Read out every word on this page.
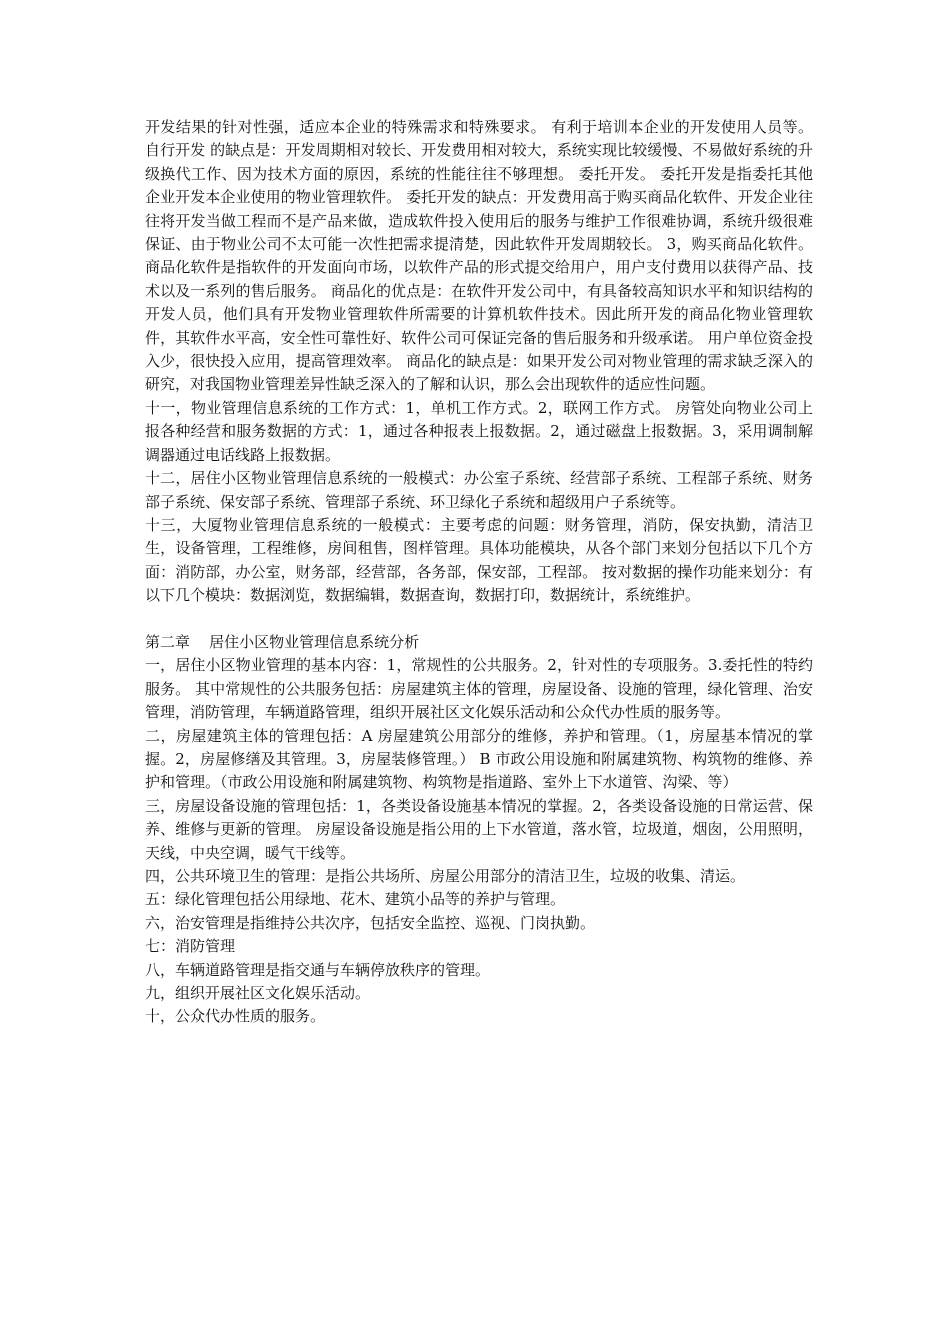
开发结果的针对性强，适应本企业的特殊需求和特殊要求。 有利于培训本企业的开发使用人员等。 自行开发 的缺点是：开发周期相对较长、开发费用相对较大，系统实现比较缓慢、不易做好系统的升级换代工作、因为技术方面的原因，系统的性能往往不够理想。 委托开发。 委托开发是指委托其他企业开发本企业使用的物业管理软件。 委托开发的缺点：开发费用高于购买商品化软件、开发企业往往将开发当做工程而不是产品来做，造成软件投入使用后的服务与维护工作很难协调，系统升级很难保证、由于物业公司不太可能一次性把需求提清楚，因此软件开发周期较长。 3，购买商品化软件。 商品化软件是指软件的开发面向市场，以软件产品的形式提交给用户，用户支付费用以获得产品、技术以及一系列的售后服务。 商品化的优点是：在软件开发公司中，有具备较高知识水平和知识结构的开发人员，他们具有开发物业管理软件所需要的计算机软件技术。因此所开发的商品化物业管理软件，其软件水平高，安全性可靠性好、软件公司可保证完备的售后服务和升级承诺。 用户单位资金投入少，很快投入应用，提高管理效率。 商品化的缺点是：如果开发公司对物业管理的需求缺乏深入的研究，对我国物业管理差异性缺乏深入的了解和认识，那么会出现软件的适应性问题。

十一，物业管理信息系统的工作方式：1，单机工作方式。2，联网工作方式。 房管处向物业公司上报各种经营和服务数据的方式：1，通过各种报表上报数据。2，通过磁盘上报数据。3，采用调制解调器通过电话线路上报数据。

十二，居住小区物业管理信息系统的一般模式：办公室子系统、经营部子系统、工程部子系统、财务部子系统、保安部子系统、管理部子系统、环卫绿化子系统和超级用户子系统等。

十三，大厦物业管理信息系统的一般模式：主要考虑的问题：财务管理，消防，保安执勤，清洁卫生，设备管理，工程维修，房间租售，图样管理。具体功能模块，从各个部门来划分包括以下几个方面：消防部，办公室，财务部，经营部，各务部，保安部，工程部。 按对数据的操作功能来划分：有以下几个模块：数据浏览，数据编辑，数据查询，数据打印，数据统计，系统维护。

第二章    居住小区物业管理信息系统分析

一，居住小区物业管理的基本内容：1，常规性的公共服务。2，针对性的专项服务。3.委托性的特约服务。 其中常规性的公共服务包括：房屋建筑主体的管理，房屋设备、设施的管理，绿化管理、治安管理，消防管理，车辆道路管理，组织开展社区文化娱乐活动和公众代办性质的服务等。

二，房屋建筑主体的管理包括：A 房屋建筑公用部分的维修，养护和管理。（1，房屋基本情况的掌握。2，房屋修缮及其管理。3，房屋装修管理。） B 市政公用设施和附属建筑物、构筑物的维修、养护和管理。（市政公用设施和附属建筑物、构筑物是指道路、室外上下水道管、沟梁、等）

三，房屋设备设施的管理包括：1，各类设备设施基本情况的掌握。2，各类设备设施的日常运营、保养、维修与更新的管理。 房屋设备设施是指公用的上下水管道，落水管，垃圾道，烟囱，公用照明，天线，中央空调，暖气干线等。

四，公共环境卫生的管理：是指公共场所、房屋公用部分的清洁卫生，垃圾的收集、清运。

五：绿化管理包括公用绿地、花木、建筑小品等的养护与管理。

六，治安管理是指维持公共次序，包括安全监控、巡视、门岗执勤。

七：消防管理

八，车辆道路管理是指交通与车辆停放秩序的管理。

九，组织开展社区文化娱乐活动。

十，公众代办性质的服务。
